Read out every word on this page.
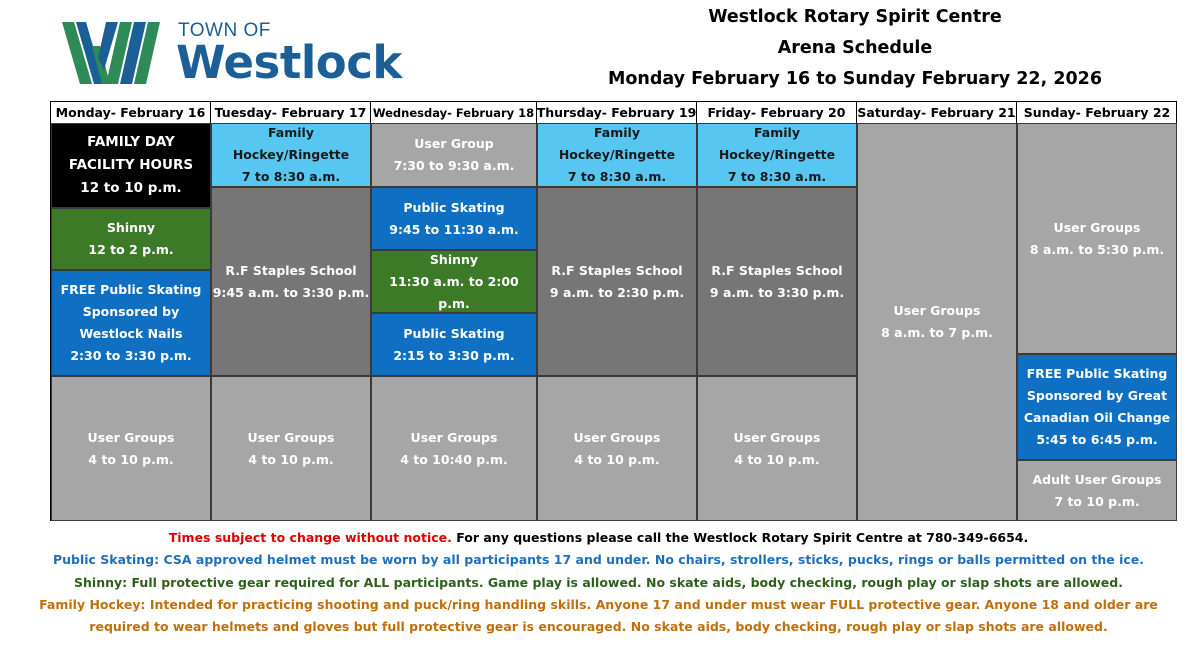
TOWN OF
Westlock
Westlock Rotary Spirit Centre
Arena Schedule
Monday February 16 to Sunday February 22, 2026
Monday- February 16 Tuesday- February 17 Wednesday- February 18 Thursday- February 19 Friday- February 20 Saturday- February 21 Sunday- February 22
FAMILY DAY
FACILITY HOURS
12 to 10 p.m.
Shinny
12 to 2 p.m.
FREE Public Skating
Sponsored by
Westlock Nails
2:30 to 3:30 p.m.
User Groups
4 to 10 p.m.
Family
Hockey/Ringette
7 to 8:30 a.m.
R.F Staples School
9:45 a.m. to 3:30 p.m.
User Groups
4 to 10 p.m.
User Group
7:30 to 9:30 a.m.
Public Skating
9:45 to 11:30 a.m.
Shinny
11:30 a.m. to 2:00 p.m.
Public Skating
2:15 to 3:30 p.m.
User Groups
4 to 10:40 p.m.
Family
Hockey/Ringette
7 to 8:30 a.m.
R.F Staples School
9 a.m. to 2:30 p.m.
User Groups
4 to 10 p.m.
Family
Hockey/Ringette
7 to 8:30 a.m.
R.F Staples School
9 a.m. to 3:30 p.m.
User Groups
4 to 10 p.m.
User Groups
8 a.m. to 7 p.m.
User Groups
8 a.m. to 5:30 p.m.
FREE Public Skating
Sponsored by Great
Canadian Oil Change
5:45 to 6:45 p.m.
Adult User Groups
7 to 10 p.m.
Times subject to change without notice. For any questions please call the Westlock Rotary Spirit Centre at 780-349-6654.
Public Skating: CSA approved helmet must be worn by all participants 17 and under. No chairs, strollers, sticks, pucks, rings or balls permitted on the ice.
Shinny: Full protective gear required for ALL participants. Game play is allowed. No skate aids, body checking, rough play or slap shots are allowed.
Family Hockey: Intended for practicing shooting and puck/ring handling skills. Anyone 17 and under must wear FULL protective gear. Anyone 18 and older are
required to wear helmets and gloves but full protective gear is encouraged. No skate aids, body checking, rough play or slap shots are allowed.
